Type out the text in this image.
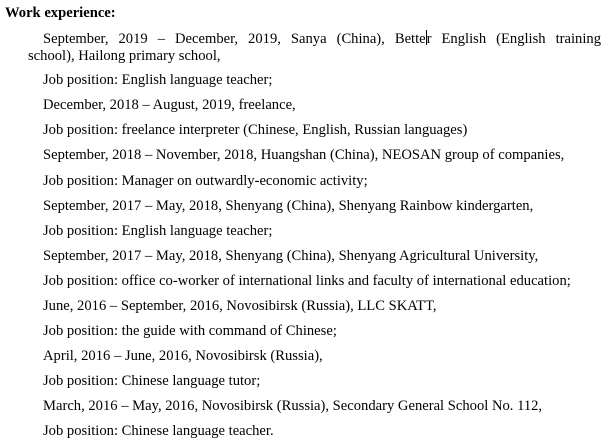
Work experience:
September, 2019 – December, 2019, Sanya (China), Better English (English training
school), Hailong primary school,
Job position: English language teacher;
December, 2018 – August, 2019, freelance,
Job position: freelance interpreter (Chinese, English, Russian languages)
September, 2018 – November, 2018, Huangshan (China), NEOSAN group of companies,
Job position: Manager on outwardly-economic activity;
September, 2017 – May, 2018, Shenyang (China), Shenyang Rainbow kindergarten,
Job position: English language teacher;
September, 2017 – May, 2018, Shenyang (China), Shenyang Agricultural University,
Job position: office co-worker of international links and faculty of international education;
June, 2016 – September, 2016, Novosibirsk (Russia), LLC SKATT,
Job position: the guide with command of Chinese;
April, 2016 – June, 2016, Novosibirsk (Russia),
Job position: Chinese language tutor;
March, 2016 – May, 2016, Novosibirsk (Russia), Secondary General School No. 112,
Job position: Chinese language teacher.
